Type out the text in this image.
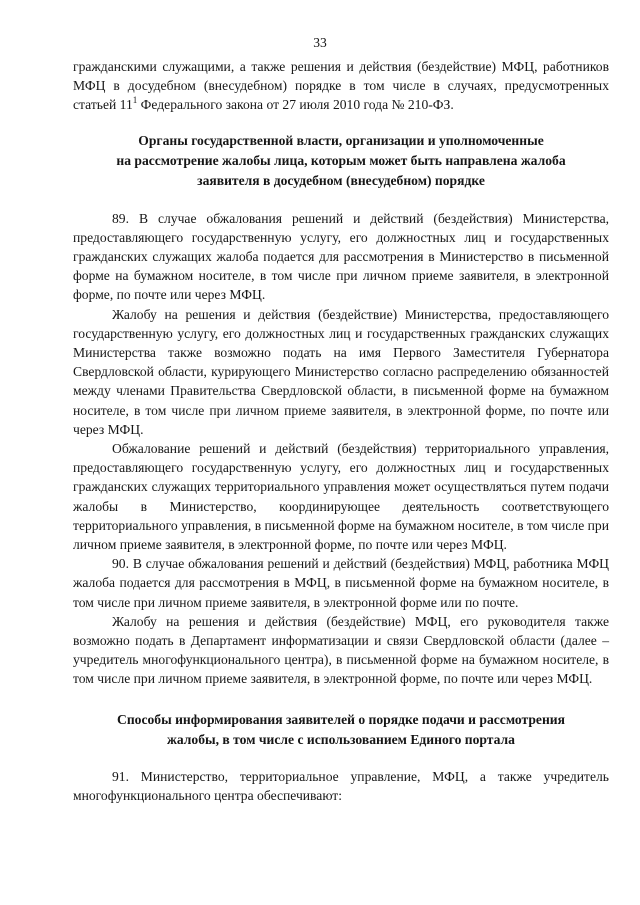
33

гражданскими служащими, а также решения и действия (бездействие) МФЦ, работников МФЦ в досудебном (внесудебном) порядке в том числе в случаях, предусмотренных статьей $11^1$ Федерального закона от 27 июля 2010 года № 210-ФЗ.

Органы государственной власти, организации и уполномоченные
на рассмотрение жалобы лица, которым может быть направлена жалоба
заявителя в досудебном (внесудебном) порядке

89. В случае обжалования решений и действий (бездействия) Министерства, предоставляющего государственную услугу, его должностных лиц и государственных гражданских служащих жалоба подается для рассмотрения в Министерство в письменной форме на бумажном носителе, в том числе при личном приеме заявителя, в электронной форме, по почте или через МФЦ.

Жалобу на решения и действия (бездействие) Министерства, предоставляющего государственную услугу, его должностных лиц и государственных гражданских служащих Министерства также возможно подать на имя Первого Заместителя Губернатора Свердловской области, курирующего Министерство согласно распределению обязанностей между членами Правительства Свердловской области, в письменной форме на бумажном носителе, в том числе при личном приеме заявителя, в электронной форме, по почте или через МФЦ.

Обжалование решений и действий (бездействия) территориального управления, предоставляющего государственную услугу, его должностных лиц и государственных гражданских служащих территориального управления может осуществляться путем подачи жалобы в Министерство, координирующее деятельность соответствующего территориального управления, в письменной форме на бумажном носителе, в том числе при личном приеме заявителя, в электронной форме, по почте или через МФЦ.

90. В случае обжалования решений и действий (бездействия) МФЦ, работника МФЦ жалоба подается для рассмотрения в МФЦ, в письменной форме на бумажном носителе, в том числе при личном приеме заявителя, в электронной форме или по почте.

Жалобу на решения и действия (бездействие) МФЦ, его руководителя также возможно подать в Департамент информатизации и связи Свердловской области (далее – учредитель многофункционального центра), в письменной форме на бумажном носителе, в том числе при личном приеме заявителя, в электронной форме, по почте или через МФЦ.

Способы информирования заявителей о порядке подачи и рассмотрения
жалобы, в том числе с использованием Единого портала

91. Министерство, территориальное управление, МФЦ, а также учредитель многофункционального центра обеспечивают:
